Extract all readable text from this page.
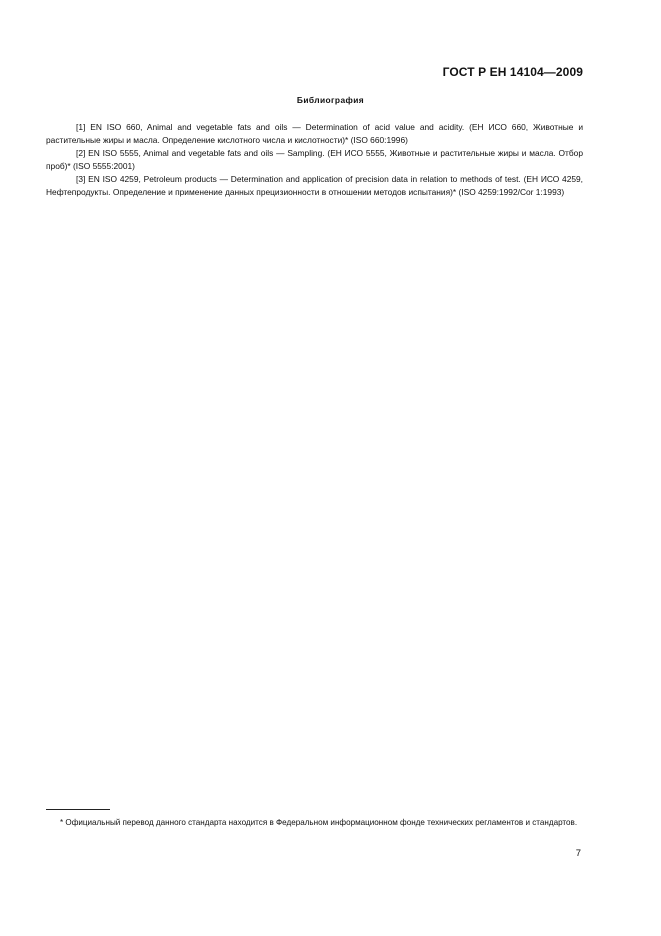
ГОСТ Р ЕН 14104—2009
Библиография

[1] EN ISO 660, Animal and vegetable fats and oils — Determination of acid value and acidity. (ЕН ИСО 660, Животные и растительные жиры и масла. Определение кислотного числа и кислотности)* (ISO 660:1996)

[2] EN ISO 5555, Animal and vegetable fats and oils — Sampling. (ЕН ИСО 5555, Животные и растительные жиры и масла. Отбор проб)* (ISO 5555:2001)

[3] EN ISO 4259, Petroleum products — Determination and application of precision data in relation to methods of test. (ЕН ИСО 4259, Нефтепродукты. Определение и применение данных прецизионности в отношении методов испытания)* (ISO 4259:1992/Cor 1:1993)

* Официальный перевод данного стандарта находится в Федеральном информационном фонде технических регламентов и стандартов.
7
